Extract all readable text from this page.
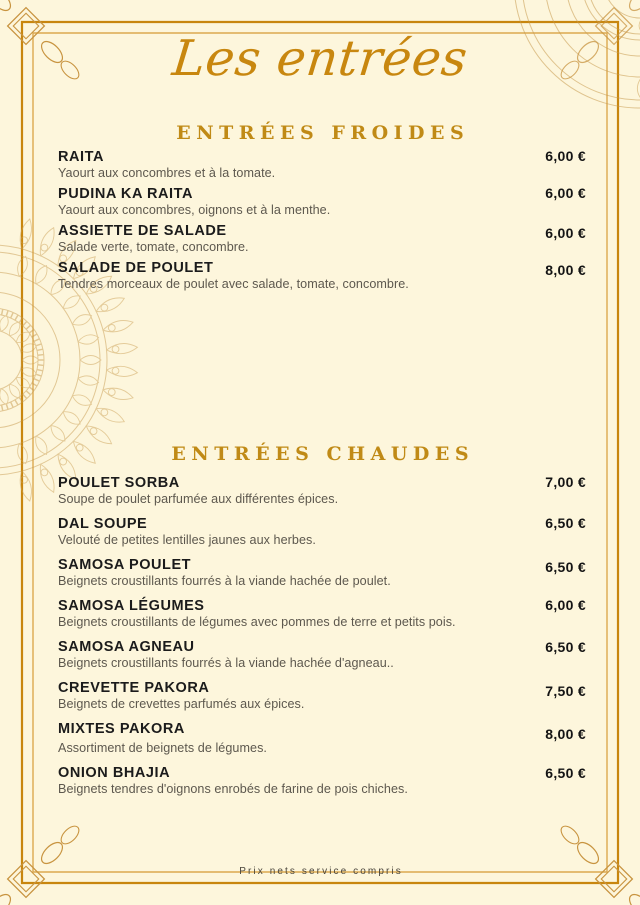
Les entrées
ENTRÉES FROIDES
RAITA	6,00 €
Yaourt aux concombres et à la tomate.
PUDINA KA RAITA	6,00 €
Yaourt aux concombres, oignons et à la menthe.
ASSIETTE DE SALADE	6,00 €
Salade verte, tomate, concombre.
SALADE DE POULET	8,00 €
Tendres morceaux de poulet avec salade, tomate, concombre.
ENTRÉES CHAUDES
POULET SORBA	7,00 €
Soupe de poulet parfumée aux différentes épices.
DAL SOUPE	6,50 €
Velouté de petites lentilles jaunes aux herbes.
SAMOSA POULET	6,50 €
Beignets croustillants fourrés à la viande hachée de poulet.
SAMOSA LÉGUMES	6,00 €
Beignets croustillants de légumes avec pommes de terre et petits pois.
SAMOSA AGNEAU	6,50 €
Beignets croustillants fourrés à la viande hachée d'agneau..
CREVETTE PAKORA	7,50 €
Beignets de crevettes parfumés aux épices.
MIXTES PAKORA	8,00 €
Assortiment de beignets de légumes.
ONION BHAJIA	6,50 €
Beignets tendres d'oignons enrobés de farine de pois chiches.
Prix nets service compris
